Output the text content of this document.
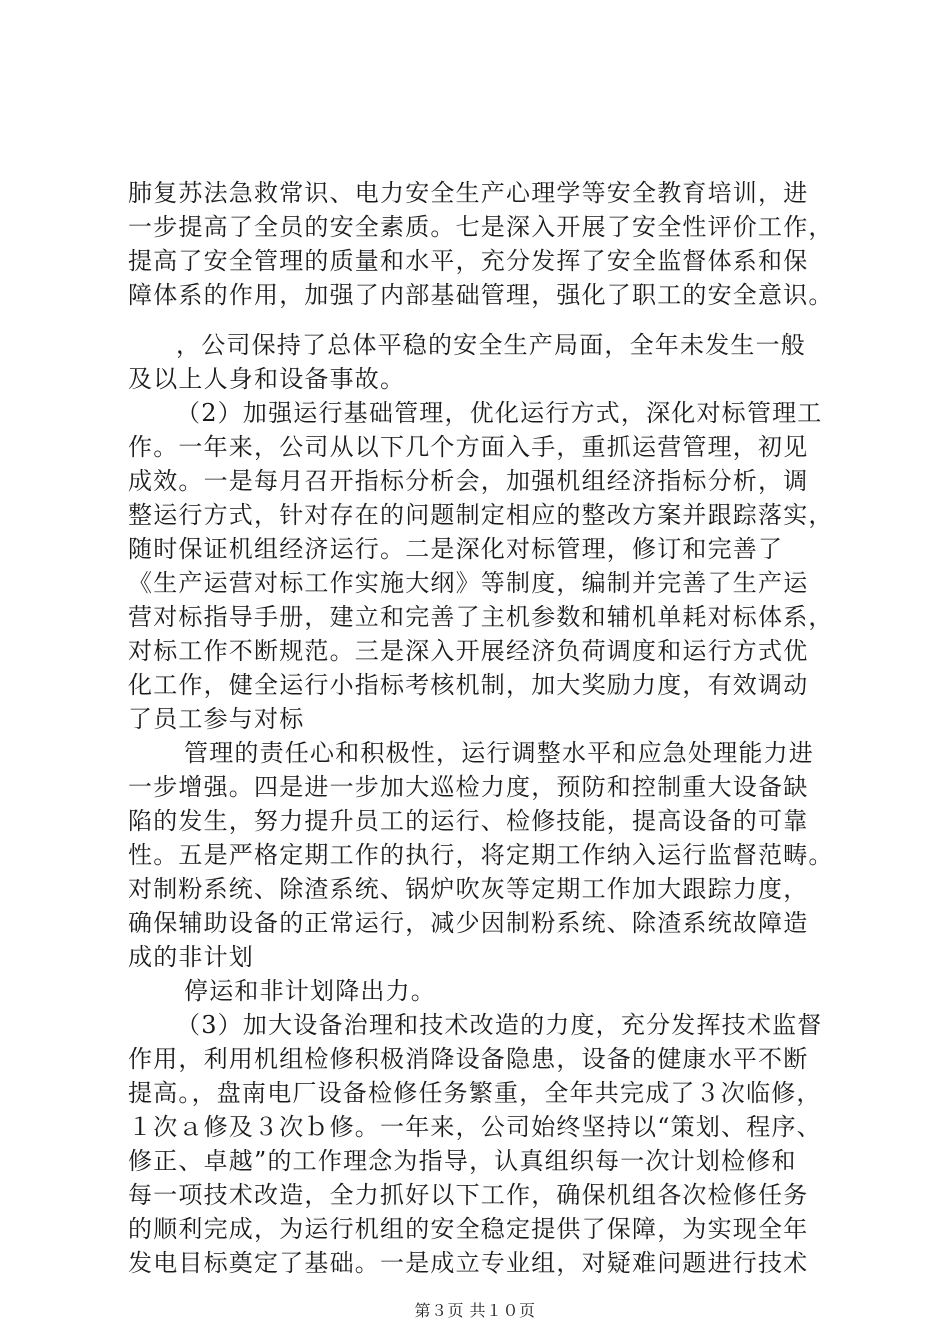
肺复苏法急救常识、电力安全生产心理学等安全教育培训，进
一步提高了全员的安全素质。七是深入开展了安全性评价工作，
提高了安全管理的质量和水平，充分发挥了安全监督体系和保
障体系的作用，加强了内部基础管理，强化了职工的安全意识。
，公司保持了总体平稳的安全生产局面，全年未发生一般
及以上人身和设备事故。
（2）加强运行基础管理，优化运行方式，深化对标管理工
作。一年来，公司从以下几个方面入手，重抓运营管理，初见
成效。一是每月召开指标分析会，加强机组经济指标分析，调
整运行方式，针对存在的问题制定相应的整改方案并跟踪落实，
随时保证机组经济运行。二是深化对标管理，修订和完善了
《生产运营对标工作实施大纲》等制度，编制并完善了生产运
营对标指导手册，建立和完善了主机参数和辅机单耗对标体系，
对标工作不断规范。三是深入开展经济负荷调度和运行方式优
化工作，健全运行小指标考核机制，加大奖励力度，有效调动
了员工参与对标
管理的责任心和积极性，运行调整水平和应急处理能力进
一步增强。四是进一步加大巡检力度，预防和控制重大设备缺
陷的发生，努力提升员工的运行、检修技能，提高设备的可靠
性。五是严格定期工作的执行，将定期工作纳入运行监督范畴。
对制粉系统、除渣系统、锅炉吹灰等定期工作加大跟踪力度，
确保辅助设备的正常运行，减少因制粉系统、除渣系统故障造
成的非计划
停运和非计划降出力。
（3）加大设备治理和技术改造的力度，充分发挥技术监督
作用，利用机组检修积极消降设备隐患，设备的健康水平不断
提高。，盘南电厂设备检修任务繁重，全年共完成了３次临修，
１次ａ修及３次ｂ修。一年来，公司始终坚持以“策划、程序、
修正、卓越”的工作理念为指导，认真组织每一次计划检修和
每一项技术改造，全力抓好以下工作，确保机组各次检修任务
的顺利完成，为运行机组的安全稳定提供了保障，为实现全年
发电目标奠定了基础。一是成立专业组，对疑难问题进行技术
第３页 共１０页
